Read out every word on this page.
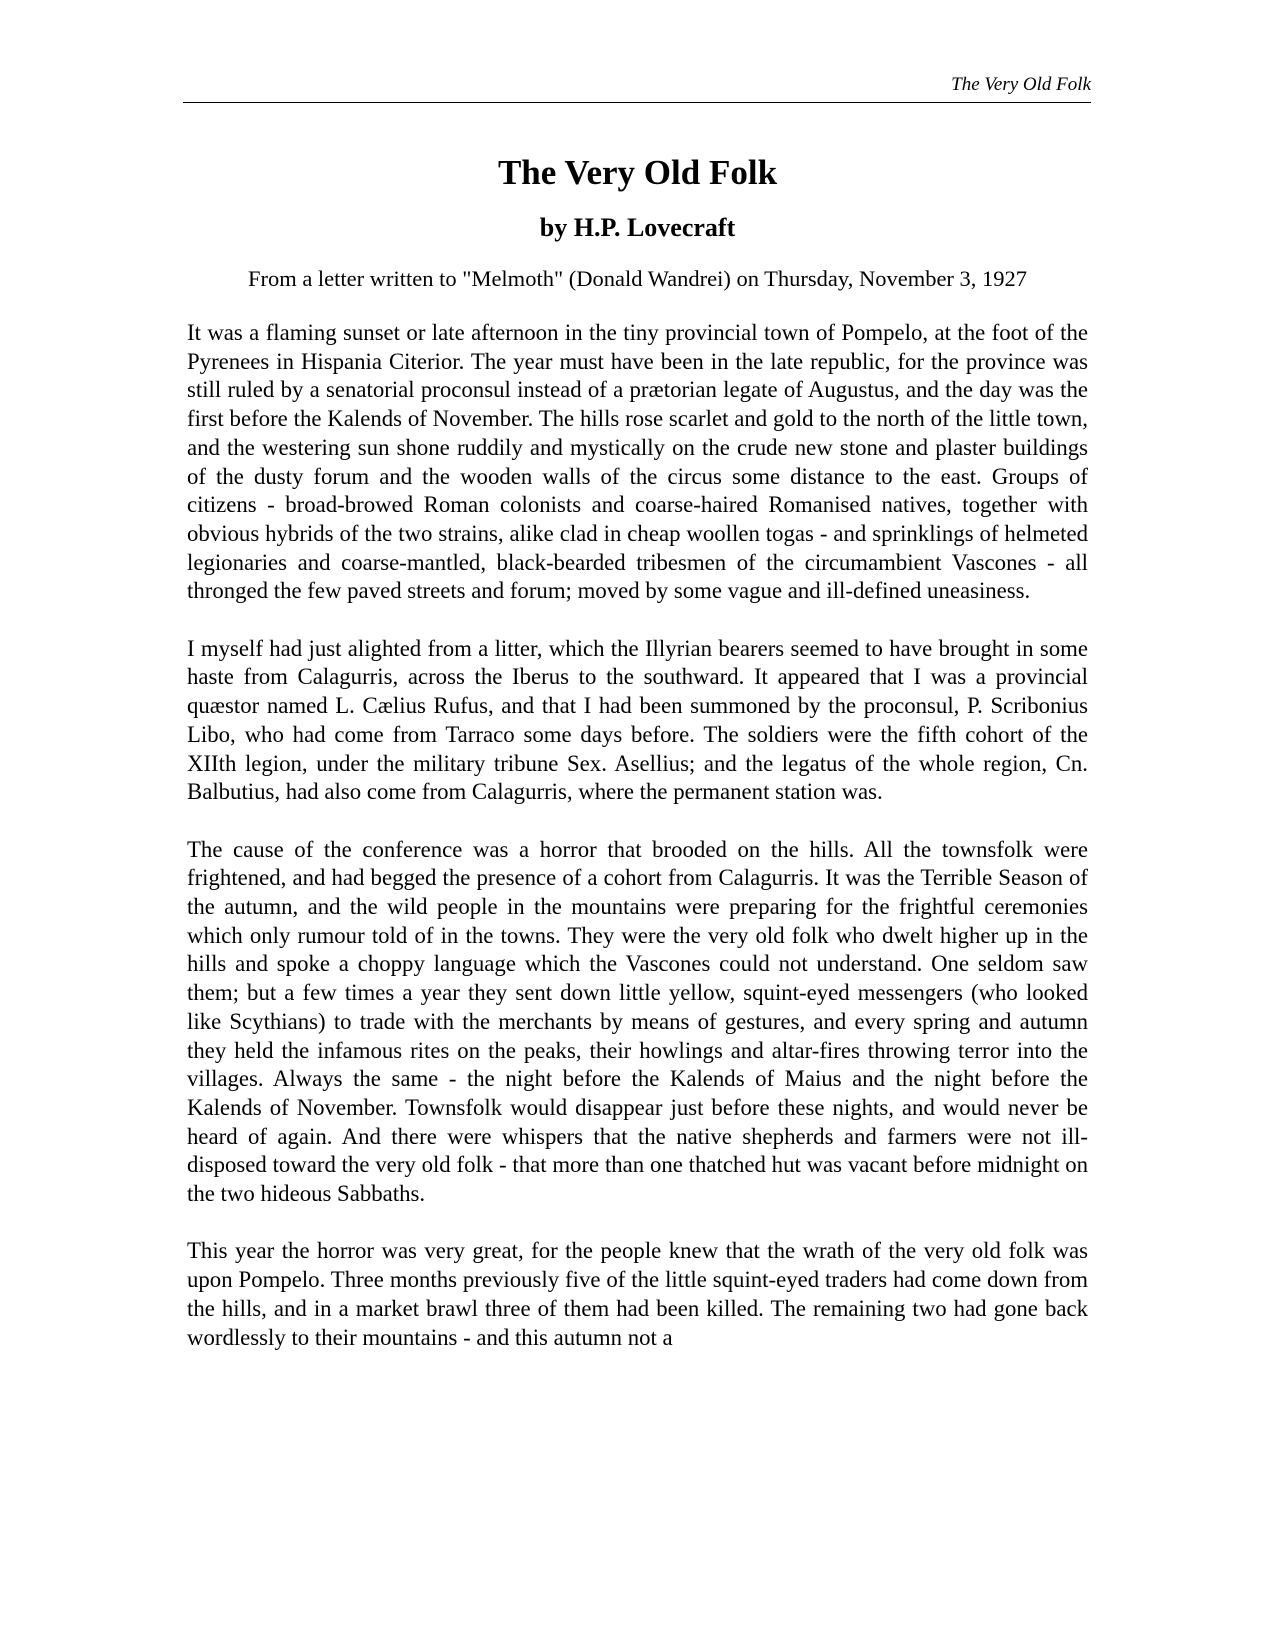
The Very Old Folk
The Very Old Folk
by H.P. Lovecraft

From a letter written to "Melmoth" (Donald Wandrei) on Thursday, November 3, 1927

It was a flaming sunset or late afternoon in the tiny provincial town of Pompelo, at the foot of the Pyrenees in Hispania Citerior. The year must have been in the late republic, for the province was still ruled by a senatorial proconsul instead of a prætorian legate of Augustus, and the day was the first before the Kalends of November. The hills rose scarlet and gold to the north of the little town, and the westering sun shone ruddily and mystically on the crude new stone and plaster buildings of the dusty forum and the wooden walls of the circus some distance to the east. Groups of citizens - broad-browed Roman colonists and coarse-haired Romanised natives, together with obvious hybrids of the two strains, alike clad in cheap woollen togas - and sprinklings of helmeted legionaries and coarse-mantled, black-bearded tribesmen of the circumambient Vascones - all thronged the few paved streets and forum; moved by some vague and ill-defined uneasiness.

I myself had just alighted from a litter, which the Illyrian bearers seemed to have brought in some haste from Calagurris, across the Iberus to the southward. It appeared that I was a provincial quæstor named L. Cælius Rufus, and that I had been summoned by the proconsul, P. Scribonius Libo, who had come from Tarraco some days before. The soldiers were the fifth cohort of the XIIth legion, under the military tribune Sex. Asellius; and the legatus of the whole region, Cn. Balbutius, had also come from Calagurris, where the permanent station was.

The cause of the conference was a horror that brooded on the hills. All the townsfolk were frightened, and had begged the presence of a cohort from Calagurris. It was the Terrible Season of the autumn, and the wild people in the mountains were preparing for the frightful ceremonies which only rumour told of in the towns. They were the very old folk who dwelt higher up in the hills and spoke a choppy language which the Vascones could not understand. One seldom saw them; but a few times a year they sent down little yellow, squint-eyed messengers (who looked like Scythians) to trade with the merchants by means of gestures, and every spring and autumn they held the infamous rites on the peaks, their howlings and altar-fires throwing terror into the villages. Always the same - the night before the Kalends of Maius and the night before the Kalends of November. Townsfolk would disappear just before these nights, and would never be heard of again. And there were whispers that the native shepherds and farmers were not ill-disposed toward the very old folk - that more than one thatched hut was vacant before midnight on the two hideous Sabbaths.

This year the horror was very great, for the people knew that the wrath of the very old folk was upon Pompelo. Three months previously five of the little squint-eyed traders had come down from the hills, and in a market brawl three of them had been killed. The remaining two had gone back wordlessly to their mountains - and this autumn not a
